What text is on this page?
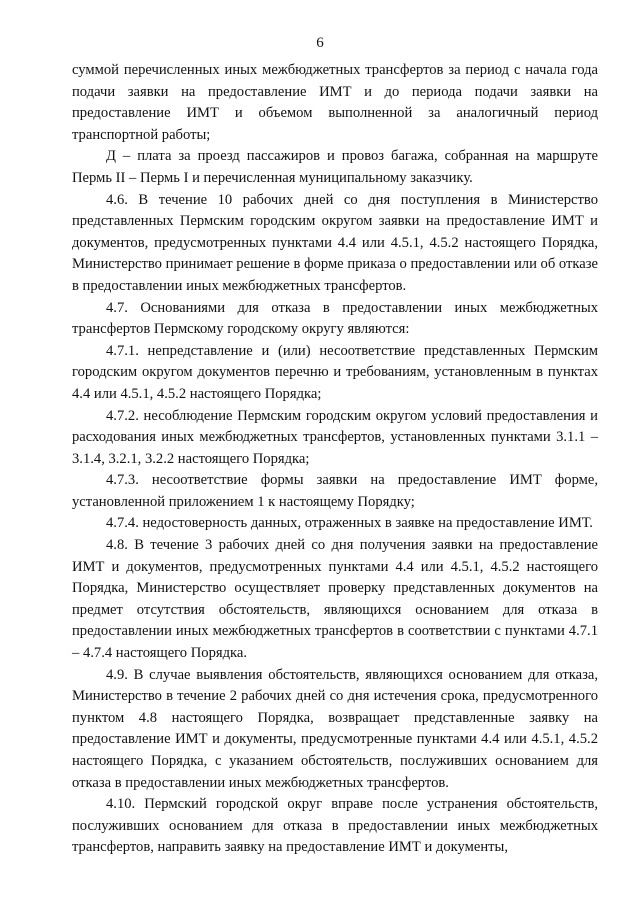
6

суммой перечисленных иных межбюджетных трансфертов за период с начала года подачи заявки на предоставление ИМТ и до периода подачи заявки на предоставление ИМТ и объемом выполненной за аналогичный период транспортной работы;

Д – плата за проезд пассажиров и провоз багажа, собранная на маршруте Пермь II – Пермь I и перечисленная муниципальному заказчику.

4.6. В течение 10 рабочих дней со дня поступления в Министерство представленных Пермским городским округом заявки на предоставление ИМТ и документов, предусмотренных пунктами 4.4 или 4.5.1, 4.5.2 настоящего Порядка, Министерство принимает решение в форме приказа о предоставлении или об отказе в предоставлении иных межбюджетных трансфертов.

4.7. Основаниями для отказа в предоставлении иных межбюджетных трансфертов Пермскому городскому округу являются:

4.7.1. непредставление и (или) несоответствие представленных Пермским городским округом документов перечню и требованиям, установленным в пунктах 4.4 или 4.5.1, 4.5.2 настоящего Порядка;

4.7.2. несоблюдение Пермским городским округом условий предоставления и расходования иных межбюджетных трансфертов, установленных пунктами 3.1.1 – 3.1.4, 3.2.1, 3.2.2 настоящего Порядка;

4.7.3. несоответствие формы заявки на предоставление ИМТ форме, установленной приложением 1 к настоящему Порядку;

4.7.4. недостоверность данных, отраженных в заявке на предоставление ИМТ.

4.8. В течение 3 рабочих дней со дня получения заявки на предоставление ИМТ и документов, предусмотренных пунктами 4.4 или 4.5.1, 4.5.2 настоящего Порядка, Министерство осуществляет проверку представленных документов на предмет отсутствия обстоятельств, являющихся основанием для отказа в предоставлении иных межбюджетных трансфертов в соответствии с пунктами 4.7.1 – 4.7.4 настоящего Порядка.

4.9. В случае выявления обстоятельств, являющихся основанием для отказа, Министерство в течение 2 рабочих дней со дня истечения срока, предусмотренного пунктом 4.8 настоящего Порядка, возвращает представленные заявку на предоставление ИМТ и документы, предусмотренные пунктами 4.4 или 4.5.1, 4.5.2 настоящего Порядка, с указанием обстоятельств, послуживших основанием для отказа в предоставлении иных межбюджетных трансфертов.

4.10. Пермский городской округ вправе после устранения обстоятельств, послуживших основанием для отказа в предоставлении иных межбюджетных трансфертов, направить заявку на предоставление ИМТ и документы,
